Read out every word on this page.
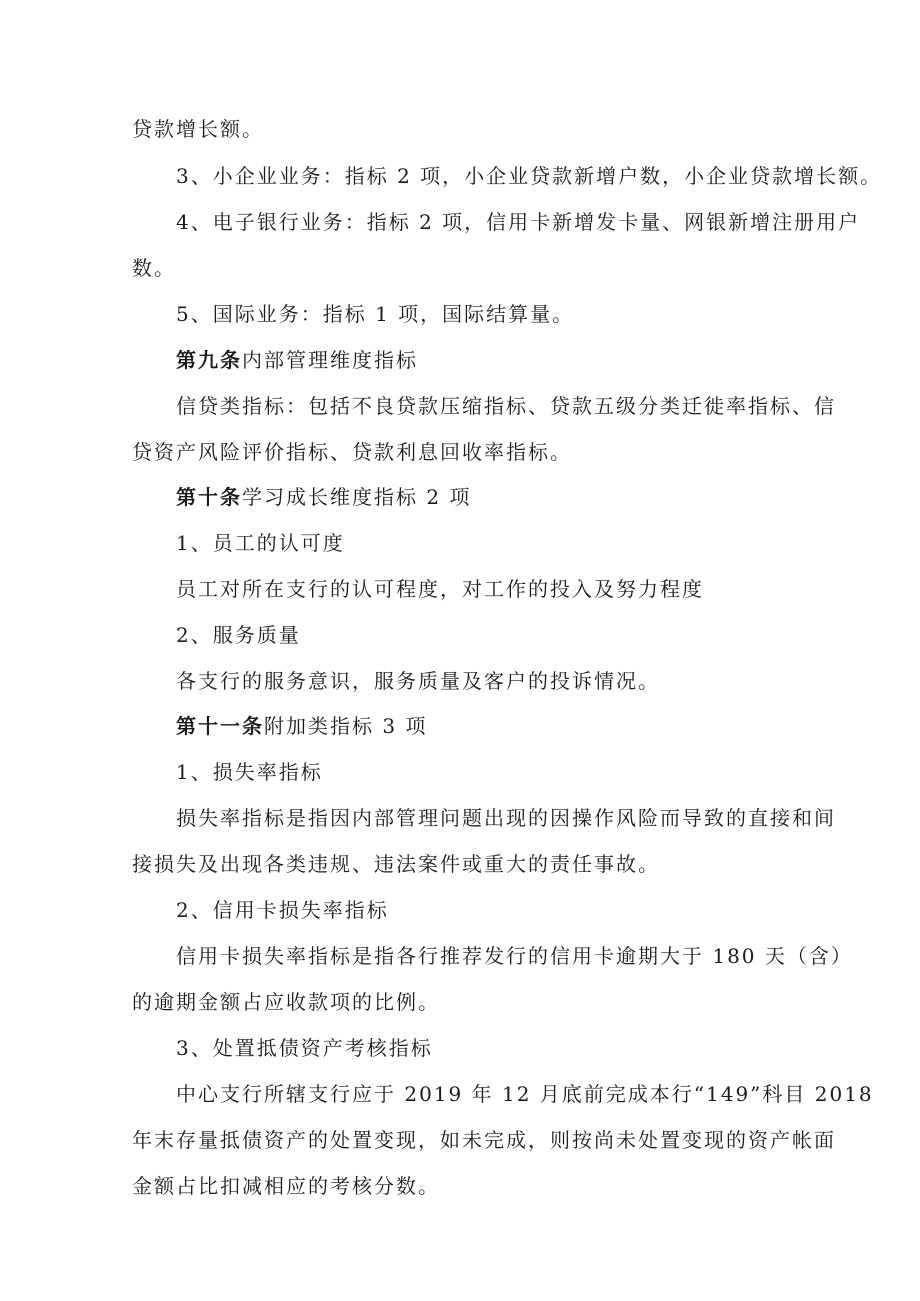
贷款增长额。

3、小企业业务：指标 2 项，小企业贷款新增户数，小企业贷款增长额。

4、电子银行业务：指标 2 项，信用卡新增发卡量、网银新增注册用户

数。

5、国际业务：指标 1 项，国际结算量。

第九条内部管理维度指标

信贷类指标：包括不良贷款压缩指标、贷款五级分类迁徙率指标、信

贷资产风险评价指标、贷款利息回收率指标。

第十条学习成长维度指标 2 项

1、员工的认可度

员工对所在支行的认可程度，对工作的投入及努力程度

2、服务质量

各支行的服务意识，服务质量及客户的投诉情况。

第十一条附加类指标 3 项

1、损失率指标

损失率指标是指因内部管理问题出现的因操作风险而导致的直接和间

接损失及出现各类违规、违法案件或重大的责任事故。

2、信用卡损失率指标

信用卡损失率指标是指各行推荐发行的信用卡逾期大于 180 天（含）

的逾期金额占应收款项的比例。

3、处置抵债资产考核指标

中心支行所辖支行应于 2019 年 12 月底前完成本行“149”科目 2018

年末存量抵债资产的处置变现，如未完成，则按尚未处置变现的资产帐面

金额占比扣减相应的考核分数。
